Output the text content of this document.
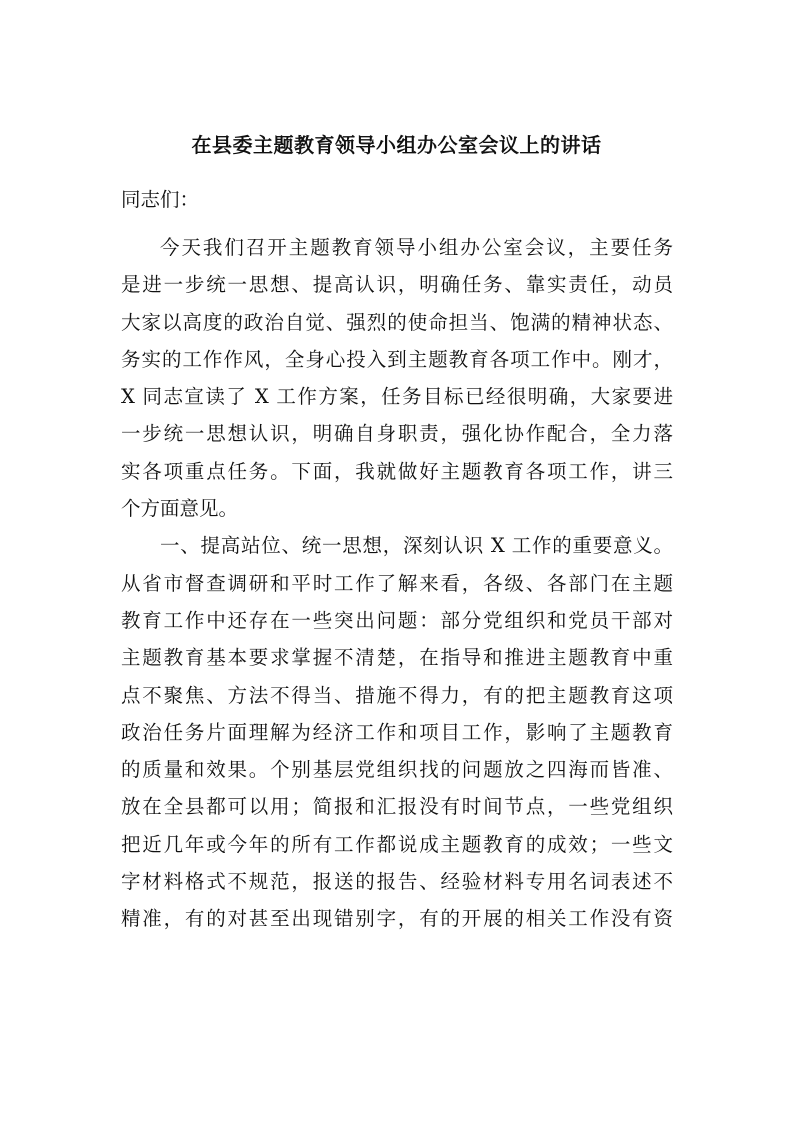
在县委主题教育领导小组办公室会议上的讲话
同志们：
今天我们召开主题教育领导小组办公室会议，主要任务
是进一步统一思想、提高认识，明确任务、靠实责任，动员
大家以高度的政治自觉、强烈的使命担当、饱满的精神状态、
务实的工作作风，全身心投入到主题教育各项工作中。刚才，
X 同志宣读了 X 工作方案，任务目标已经很明确，大家要进
一步统一思想认识，明确自身职责，强化协作配合，全力落
实各项重点任务。下面，我就做好主题教育各项工作，讲三
个方面意见。
一、提高站位、统一思想，深刻认识 X 工作的重要意义。
从省市督查调研和平时工作了解来看，各级、各部门在主题
教育工作中还存在一些突出问题：部分党组织和党员干部对
主题教育基本要求掌握不清楚，在指导和推进主题教育中重
点不聚焦、方法不得当、措施不得力，有的把主题教育这项
政治任务片面理解为经济工作和项目工作，影响了主题教育
的质量和效果。个别基层党组织找的问题放之四海而皆准、
放在全县都可以用；简报和汇报没有时间节点，一些党组织
把近几年或今年的所有工作都说成主题教育的成效；一些文
字材料格式不规范，报送的报告、经验材料专用名词表述不
精准，有的对甚至出现错别字，有的开展的相关工作没有资
